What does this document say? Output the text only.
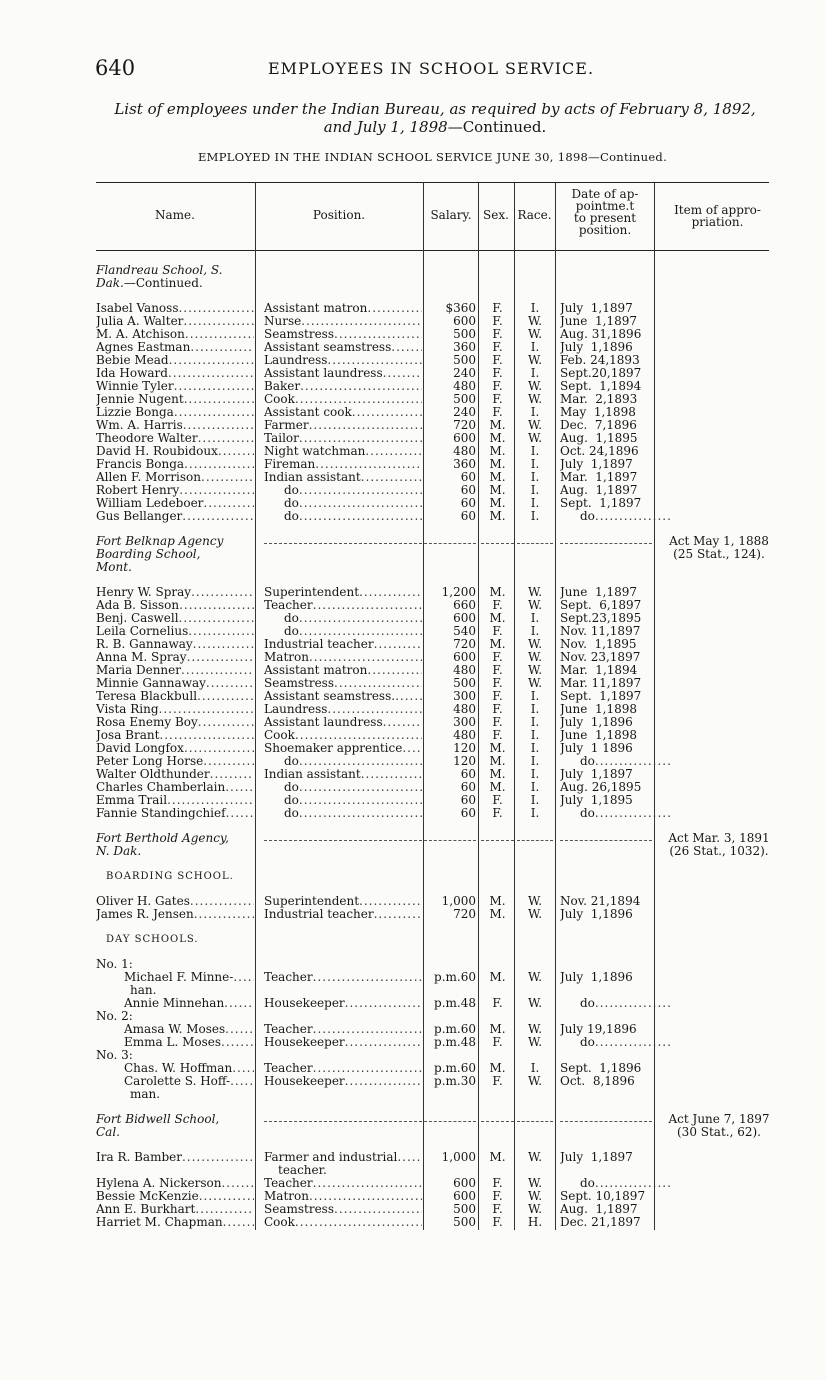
640	EMPLOYEES IN SCHOOL SERVICE.
List of employees under the Indian Bureau, as required by acts of February 8, 1892,
and July 1, 1898—Continued.
EMPLOYED IN THE INDIAN SCHOOL SERVICE JUNE 30, 1898—Continued.
Name.	Position.	Salary. Sex. Race.
Date of ap-
pointme.t
to present
position.
Item of appro-
priation.
Flandreau School, S.
Dak.—Continued.
Isabel Vanoss .....	Assistant matron .....	$360	F.	I.	July  1,1897
Julia A. Walter .....	Nurse .....	600	F.	W.	June  1,1897
M. A. Atchison .....	Seamstress .....	500	F.	W.	Aug. 31,1896
Agnes Eastman .....	Assistant seamstress .....	360	F.	I.	July  1,1896
Bebie Mead .....	Laundress .....	500	F.	W.	Feb. 24,1893
Ida Howard .....	Assistant laundress .....	240	F.	I.	Sept.20,1897
Winnie Tyler .....	Baker .....	480	F.	W.	Sept.  1,1894
Jennie Nugent .....	Cook .....	500	F.	W.	Mar.  2,1893
Lizzie Bonga .....	Assistant cook .....	240	F.	I.	May  1,1898
Wm. A. Harris .....	Farmer .....	720	M.	W.	Dec.  7,1896
Theodore Walter .....	Tailor .....	600	M.	W.	Aug.  1,1895
David H. Roubidoux .....	Night watchman .....	480	M.	I.	Oct. 24,1896
Francis Bonga .....	Fireman .....	360	M.	I.	July  1,1897
Allen F. Morrison .....	Indian assistant .....	60	M.	I.	Mar.  1,1897
Robert Henry .....	do .....	60	M.	I.	Aug.  1,1897
William Ledeboer .....	do .....	60	M.	I.	Sept.  1,1897
Gus Bellanger .....	do .....	60	M.	I.	do .....
Fort Belknap Agency	Act May 1, 1888
Boarding School,	(25 Stat., 124).
Mont.
Henry W. Spray .....	Superintendent .....	1,200	M.	W.	June  1,1897
Ada B. Sisson .....	Teacher .....	660	F.	W.	Sept.  6,1897
Benj. Caswell .....	do .....	600	M.	I.	Sept.23,1895
Leila Cornelius .....	do .....	540	F.	I.	Nov. 11,1897
R. B. Gannaway .....	Industrial teacher .....	720	M.	W.	Nov.  1,1895
Anna M. Spray .....	Matron .....	600	F.	W.	Nov. 23,1897
Maria Denner .....	Assistant matron .....	480	F.	W.	Mar.  1,1894
Minnie Gannaway .....	Seamstress .....	500	F.	W.	Mar. 11,1897
Teresa Blackbull .....	Assistant seamstress. .....	300	F.	I.	Sept.  1,1897
Vista Ring .....	Laundress .....	480	F.	I.	June  1,1898
Rosa Enemy Boy .....	Assistant laundress .....	300	F.	I.	July  1,1896
Josa Brant .....	Cook .....	480	F.	I.	June  1,1898
David Longfox .....	Shoemaker apprentice .....	120	M.	I.	July  1 1896
Peter Long Horse .....	do .....	120	M.	I.	do .....
Walter Oldthunder .....	Indian assistant .....	60	M.	I.	July  1,1897
Charles Chamberlain .....	do .....	60	M.	I.	Aug. 26,1895
Emma Trail .....	do .....	60	F.	I.	July  1,1895
Fannie Standingchief .....	do .....	60	F.	I.	do .....
Fort Berthold Agency,	Act Mar. 3, 1891
N. Dak.	(26 Stat., 1032).
BOARDING SCHOOL.
Oliver H. Gates .....	Superintendent .....	1,000	M.	W.	Nov. 21,1894
James R. Jensen .....	Industrial teacher .....	720	M.	W.	July  1,1896
DAY SCHOOLS.
No. 1:
Michael F. Minne- .....	Teacher .....	p.m.60	M.	W.	July  1,1896
han.
Annie Minnehan .....	Housekeeper .....	p.m.48	F.	W.	do .....
No. 2:
Amasa W. Moses .....	Teacher .....	p.m.60	M.	W.	July 19,1896
Emma L. Moses .....	Housekeeper .....	p.m.48	F.	W.	do .....
No. 3:
Chas. W. Hoffman .....	Teacher .....	p.m.60	M.	I.	Sept.  1,1896
Carolette S. Hoff- .....	Housekeeper .....	p.m.30	F.	W.	Oct.  8,1896
man.
Fort Bidwell School,	Act June 7, 1897
Cal.	(30 Stat., 62).
Ira R. Bamber .....	Farmer and industrial .....	1,000	M.	W.	July  1,1897
teacher.
Hylena A. Nickerson .....	Teacher .....	600	F.	W.	do .....
Bessie McKenzie .....	Matron .....	600	F.	W.	Sept. 10,1897
Ann E. Burkhart .....	Seamstress .....	500	F.	W.	Aug.  1,1897
Harriet M. Chapman .....	Cook .....	500	F.	H.	Dec. 21,1897
